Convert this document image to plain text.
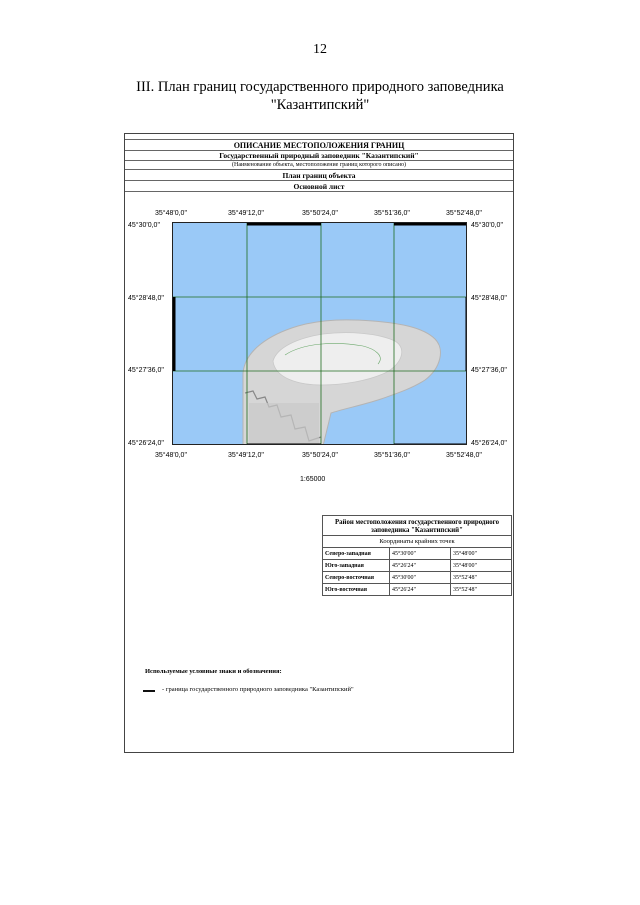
12
III. План границ государственного природного заповедника
"Казантипский"
ОПИСАНИЕ МЕСТОПОЛОЖЕНИЯ ГРАНИЦ
Государственный природный заповедник "Казантипский"
(Наименование объекта, местоположение границ которого описано)
План границ объекта
Основной лист
35°48'0,0"	35°49'12,0"	35°50'24,0"	35°51'36,0"	35°52'48,0"
35°48'0,0"	35°49'12,0"	35°50'24,0"	35°51'36,0"	35°52'48,0"
45°30'0,0"
45°28'48,0"
45°27'36,0"
45°26'24,0"
45°30'0,0"
45°28'48,0"
45°27'36,0"
45°26'24,0"
1:65000
Район местоположения государственного природного заповедника "Казантипский"		
Координаты крайних точек		
Северо-западная	45°30'00"	35°48'00"
Юго-западная	45°26'24"	35°48'00"
Северо-восточная	45°30'00"	35°52'48"
Юго-восточная	45°26'24"	35°52'48"
Используемые условные знаки и обозначения:
- граница государственного природного заповедника "Казантипский"
